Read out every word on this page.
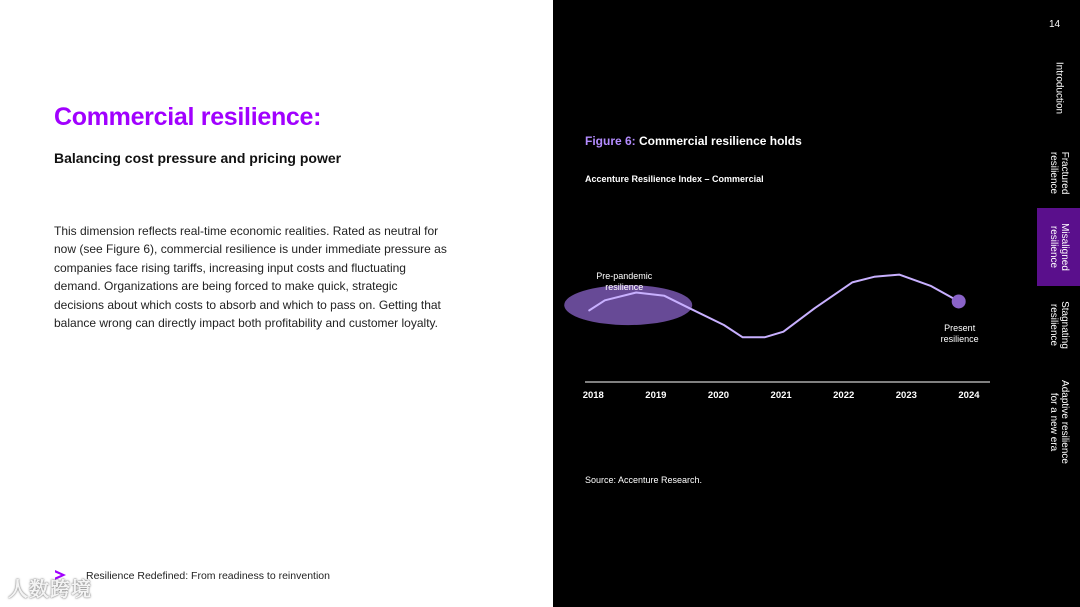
Commercial resilience:
Balancing cost pressure and pricing power

This dimension reflects real-time economic realities. Rated as neutral for now (see Figure 6), commercial resilience is under immediate pressure as companies face rising tariffs, increasing input costs and fluctuating demand. Organizations are being forced to make quick, strategic decisions about which costs to absorb and which to pass on. Getting that balance wrong can directly impact both profitability and customer loyalty.

Resilience Redefined: From readiness to reinvention
14
Introduction
Fractured
resilience
Misaligned
resilience
Stagnating
resilience
Adaptive resilience
for a new era
Figure 6: Commercial resilience holds
Accenture Resilience Index – Commercial
2018	2019	2020	2021	2022	2023	2024
Pre-pandemic
resilience
Present
resilience
Source: Accenture Research.
人数跨境
